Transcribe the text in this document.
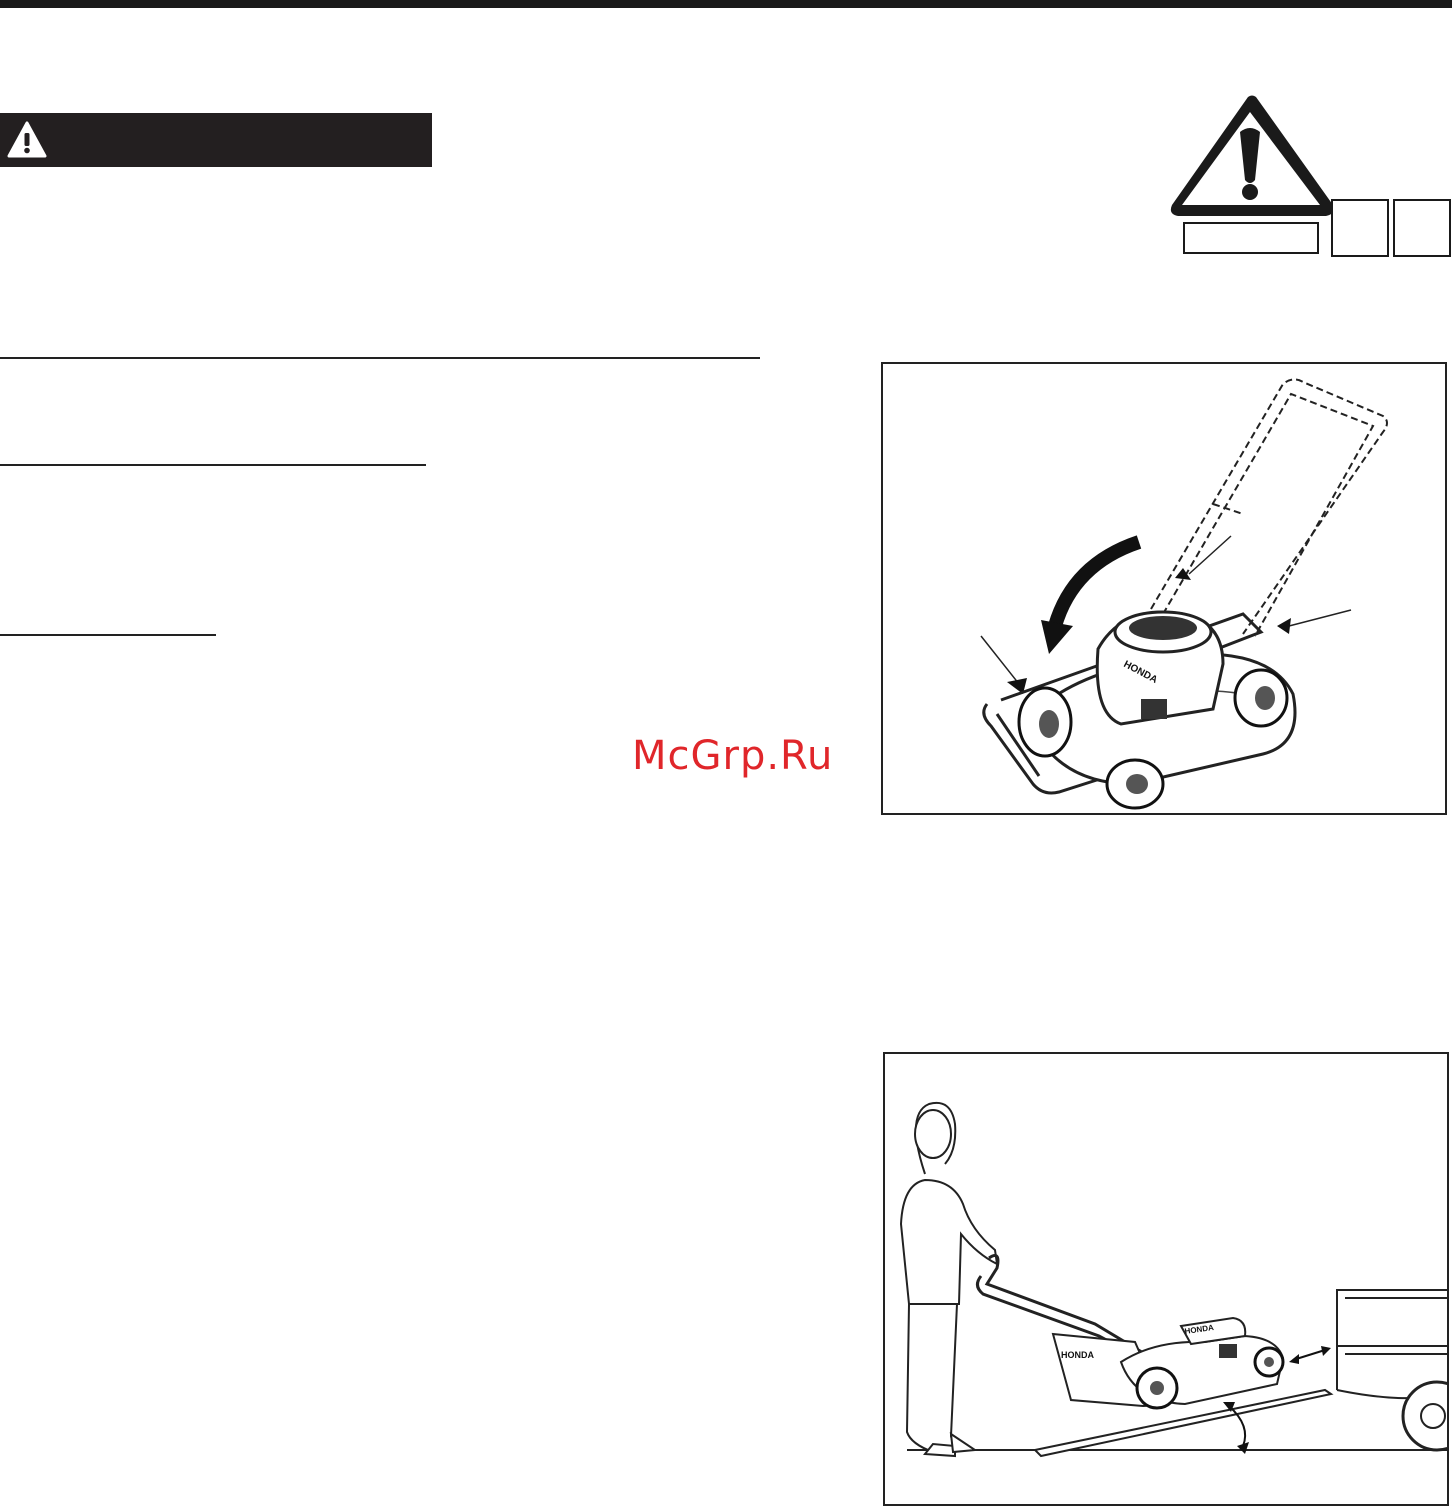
HONDA
HONDA
HONDA
McGrp.Ru
